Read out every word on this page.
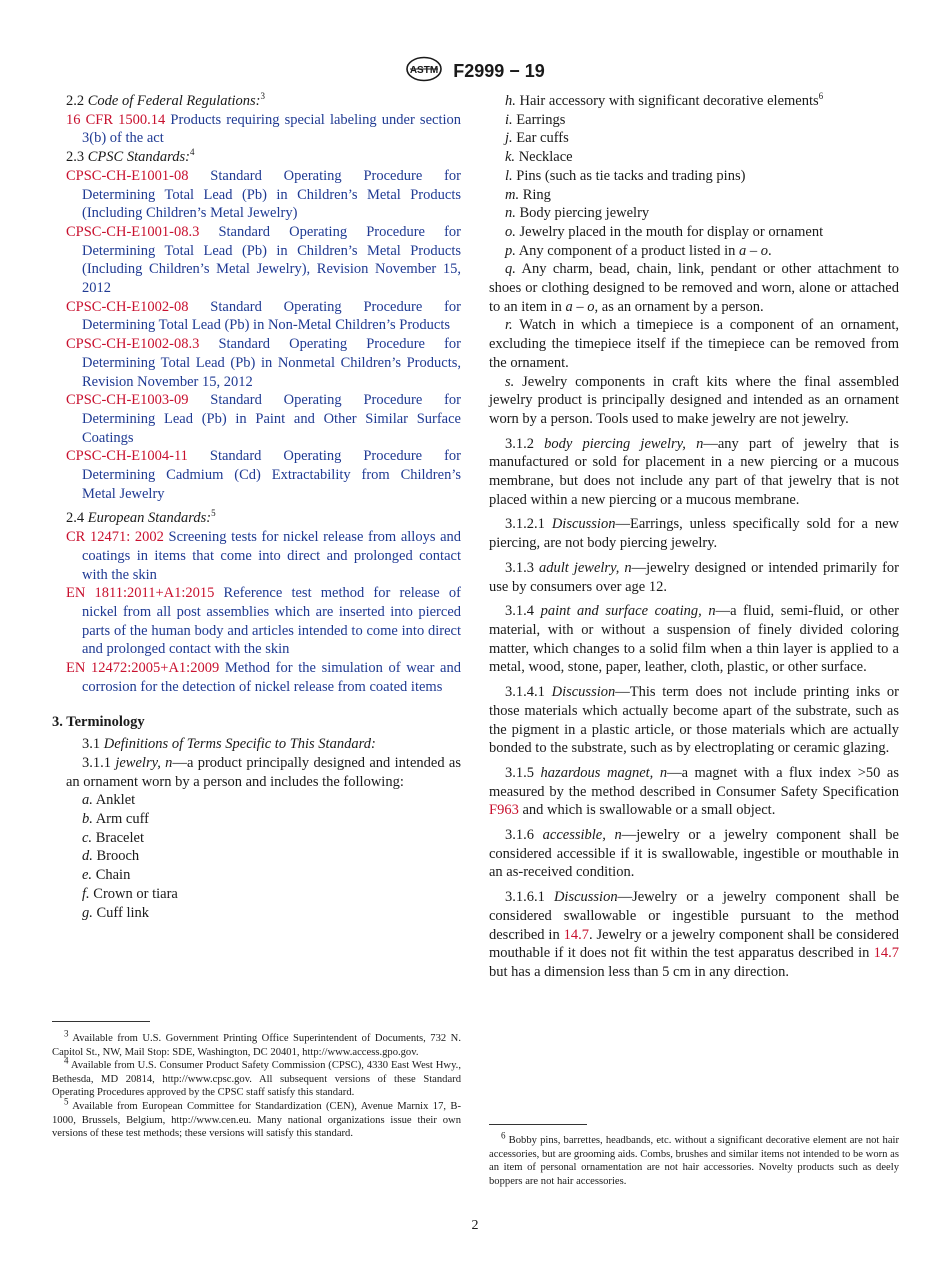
ASTM F2999 − 19

2.2 Code of Federal Regulations:$^3$

16 CFR 1500.14 Products requiring special labeling under section 3(b) of the act

2.3 CPSC Standards:$^4$

CPSC-CH-E1001-08 Standard Operating Procedure for Determining Total Lead (Pb) in Children’s Metal Products (Including Children’s Metal Jewelry)

CPSC-CH-E1001-08.3 Standard Operating Procedure for Determining Total Lead (Pb) in Children’s Metal Products (Including Children’s Metal Jewelry), Revision November 15, 2012

CPSC-CH-E1002-08 Standard Operating Procedure for Determining Total Lead (Pb) in Non-Metal Children’s Products

CPSC-CH-E1002-08.3 Standard Operating Procedure for Determining Total Lead (Pb) in Nonmetal Children’s Products, Revision November 15, 2012

CPSC-CH-E1003-09 Standard Operating Procedure for Determining Lead (Pb) in Paint and Other Similar Surface Coatings

CPSC-CH-E1004-11 Standard Operating Procedure for Determining Cadmium (Cd) Extractability from Children’s Metal Jewelry

2.4 European Standards:$^5$

CR 12471: 2002 Screening tests for nickel release from alloys and coatings in items that come into direct and prolonged contact with the skin

EN 1811:2011+A1:2015 Reference test method for release of nickel from all post assemblies which are inserted into pierced parts of the human body and articles intended to come into direct and prolonged contact with the skin

EN 12472:2005+A1:2009 Method for the simulation of wear and corrosion for the detection of nickel release from coated items

3. Terminology

3.1 Definitions of Terms Specific to This Standard:

3.1.1 jewelry, n—a product principally designed and intended as an ornament worn by a person and includes the following:

a. Anklet

b. Arm cuff

c. Bracelet

d. Brooch

e. Chain

f. Crown or tiara

g. Cuff link

$^3$ Available from U.S. Government Printing Office Superintendent of Documents, 732 N. Capitol St., NW, Mail Stop: SDE, Washington, DC 20401, http://www.access.gpo.gov.

$^4$ Available from U.S. Consumer Product Safety Commission (CPSC), 4330 East West Hwy., Bethesda, MD 20814, http://www.cpsc.gov. All subsequent versions of these Standard Operating Procedures approved by the CPSC staff satisfy this standard.

$^5$ Available from European Committee for Standardization (CEN), Avenue Marnix 17, B-1000, Brussels, Belgium, http://www.cen.eu. Many national organizations issue their own versions of these test methods; these versions will satisfy this standard.

h. Hair accessory with significant decorative elements$^6$

i. Earrings

j. Ear cuffs

k. Necklace

l. Pins (such as tie tacks and trading pins)

m. Ring

n. Body piercing jewelry

o. Jewelry placed in the mouth for display or ornament

p. Any component of a product listed in a – o.

q. Any charm, bead, chain, link, pendant or other attachment to shoes or clothing designed to be removed and worn, alone or attached to an item in a – o, as an ornament by a person.

r. Watch in which a timepiece is a component of an ornament, excluding the timepiece itself if the timepiece can be removed from the ornament.

s. Jewelry components in craft kits where the final assembled jewelry product is principally designed and intended as an ornament worn by a person. Tools used to make jewelry are not jewelry.

3.1.2 body piercing jewelry, n—any part of jewelry that is manufactured or sold for placement in a new piercing or a mucous membrane, but does not include any part of that jewelry that is not placed within a new piercing or a mucous membrane.

3.1.2.1 Discussion—Earrings, unless specifically sold for a new piercing, are not body piercing jewelry.

3.1.3 adult jewelry, n—jewelry designed or intended primarily for use by consumers over age 12.

3.1.4 paint and surface coating, n—a fluid, semi-fluid, or other material, with or without a suspension of finely divided coloring matter, which changes to a solid film when a thin layer is applied to a metal, wood, stone, paper, leather, cloth, plastic, or other surface.

3.1.4.1 Discussion—This term does not include printing inks or those materials which actually become apart of the substrate, such as the pigment in a plastic article, or those materials which are actually bonded to the substrate, such as by electroplating or ceramic glazing.

3.1.5 hazardous magnet, n—a magnet with a flux index >50 as measured by the method described in Consumer Safety Specification F963 and which is swallowable or a small object.

3.1.6 accessible, n—jewelry or a jewelry component shall be considered accessible if it is swallowable, ingestible or mouthable in an as-received condition.

3.1.6.1 Discussion—Jewelry or a jewelry component shall be considered swallowable or ingestible pursuant to the method described in 14.7. Jewelry or a jewelry component shall be considered mouthable if it does not fit within the test apparatus described in 14.7 but has a dimension less than 5 cm in any direction.

$^6$ Bobby pins, barrettes, headbands, etc. without a significant decorative element are not hair accessories, but are grooming aids. Combs, brushes and similar items not intended to be worn as an item of personal ornamentation are not hair accessories. Novelty products such as deely boppers are not hair accessories.

2
